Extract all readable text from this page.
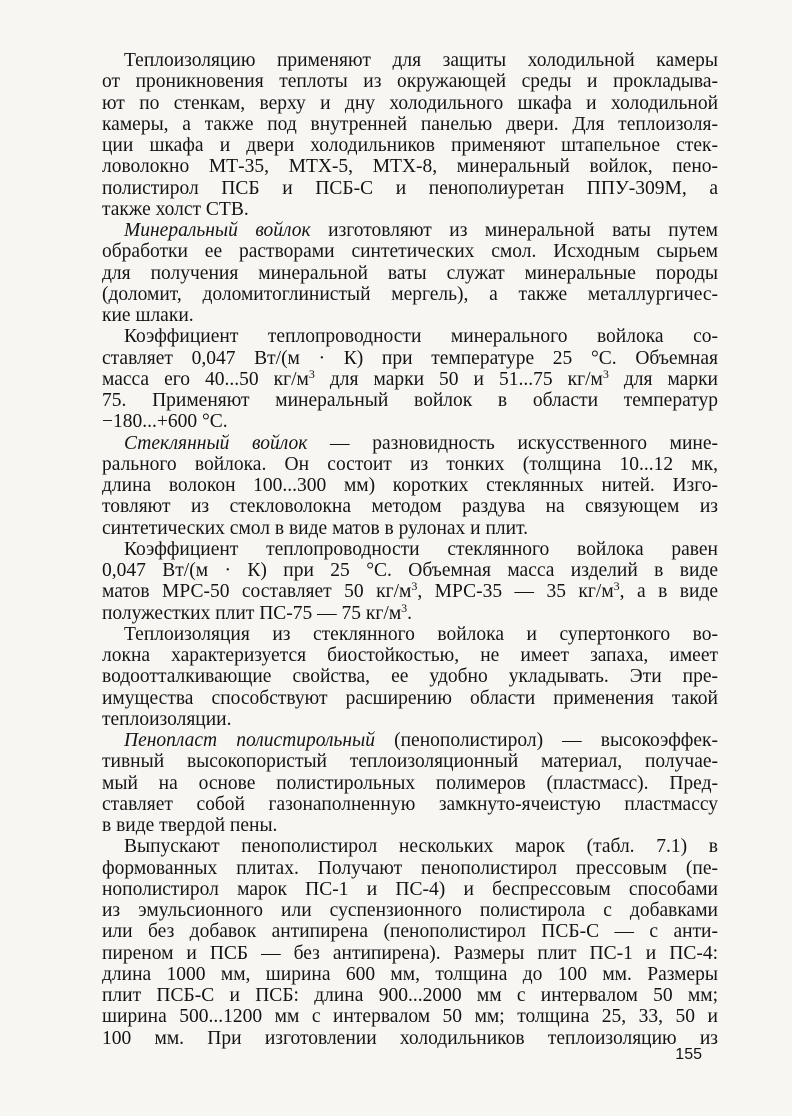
Теплоизоляцию применяют для защиты холодильной камеры
от проникновения теплоты из окружающей среды и прокладыва-
ют по стенкам, верху и дну холодильного шкафа и холодильной
камеры, а также под внутренней панелью двери. Для теплоизоля-
ции шкафа и двери холодильников применяют штапельное стек-
ловолокно МТ-35, МТХ-5, МТХ-8, минеральный войлок, пено-
полистирол ПСБ и ПСБ-С и пенополиуретан ППУ-309М, а
также холст СТВ.
Минеральный войлок изготовляют из минеральной ваты путем
обработки ее растворами синтетических смол. Исходным сырьем
для получения минеральной ваты служат минеральные породы
(доломит, доломитоглинистый мергель), а также металлургичес-
кие шлаки.
Коэффициент теплопроводности минерального войлока со-
ставляет 0,047 Вт/(м · К) при температуре 25 °С. Объемная
масса его 40...50 $кг/м^3$ для марки 50 и 51...75 $кг/м^3$ для марки
75. Применяют минеральный войлок в области температур
−180...+600 °С.
Стеклянный войлок — разновидность искусственного мине-
рального войлока. Он состоит из тонких (толщина 10...12 мк,
длина волокон 100...300 мм) коротких стеклянных нитей. Изго-
товляют из стекловолокна методом раздува на связующем из
синтетических смол в виде матов в рулонах и плит.
Коэффициент теплопроводности стеклянного войлока равен
0,047 Вт/(м · К) при 25 °С. Объемная масса изделий в виде
матов МРС-50 составляет 50 $кг/м^3$, МРС-35 — 35 $кг/м^3$, а в виде
полужестких плит ПС-75 — 75 $кг/м^3$.
Теплоизоляция из стеклянного войлока и супертонкого во-
локна характеризуется биостойкостью, не имеет запаха, имеет
водоотталкивающие свойства, ее удобно укладывать. Эти пре-
имущества способствуют расширению области применения такой
теплоизоляции.
Пенопласт полистирольный (пенополистирол) — высокоэффек-
тивный высокопористый теплоизоляционный материал, получае-
мый на основе полистирольных полимеров (пластмасс). Пред-
ставляет собой газонаполненную замкнуто-ячеистую пластмассу
в виде твердой пены.
Выпускают пенополистирол нескольких марок (табл. 7.1) в
формованных плитах. Получают пенополистирол прессовым (пе-
нополистирол марок ПС-1 и ПС-4) и беспрессовым способами
из эмульсионного или суспензионного полистирола с добавками
или без добавок антипирена (пенополистирол ПСБ-С — с анти-
пиреном и ПСБ — без антипирена). Размеры плит ПС-1 и ПС-4:
длина 1000 мм, ширина 600 мм, толщина до 100 мм. Размеры
плит ПСБ-С и ПСБ: длина 900...2000 мм с интервалом 50 мм;
ширина 500...1200 мм с интервалом 50 мм; толщина 25, 33, 50 и
100 мм. При изготовлении холодильников теплоизоляцию из
155
